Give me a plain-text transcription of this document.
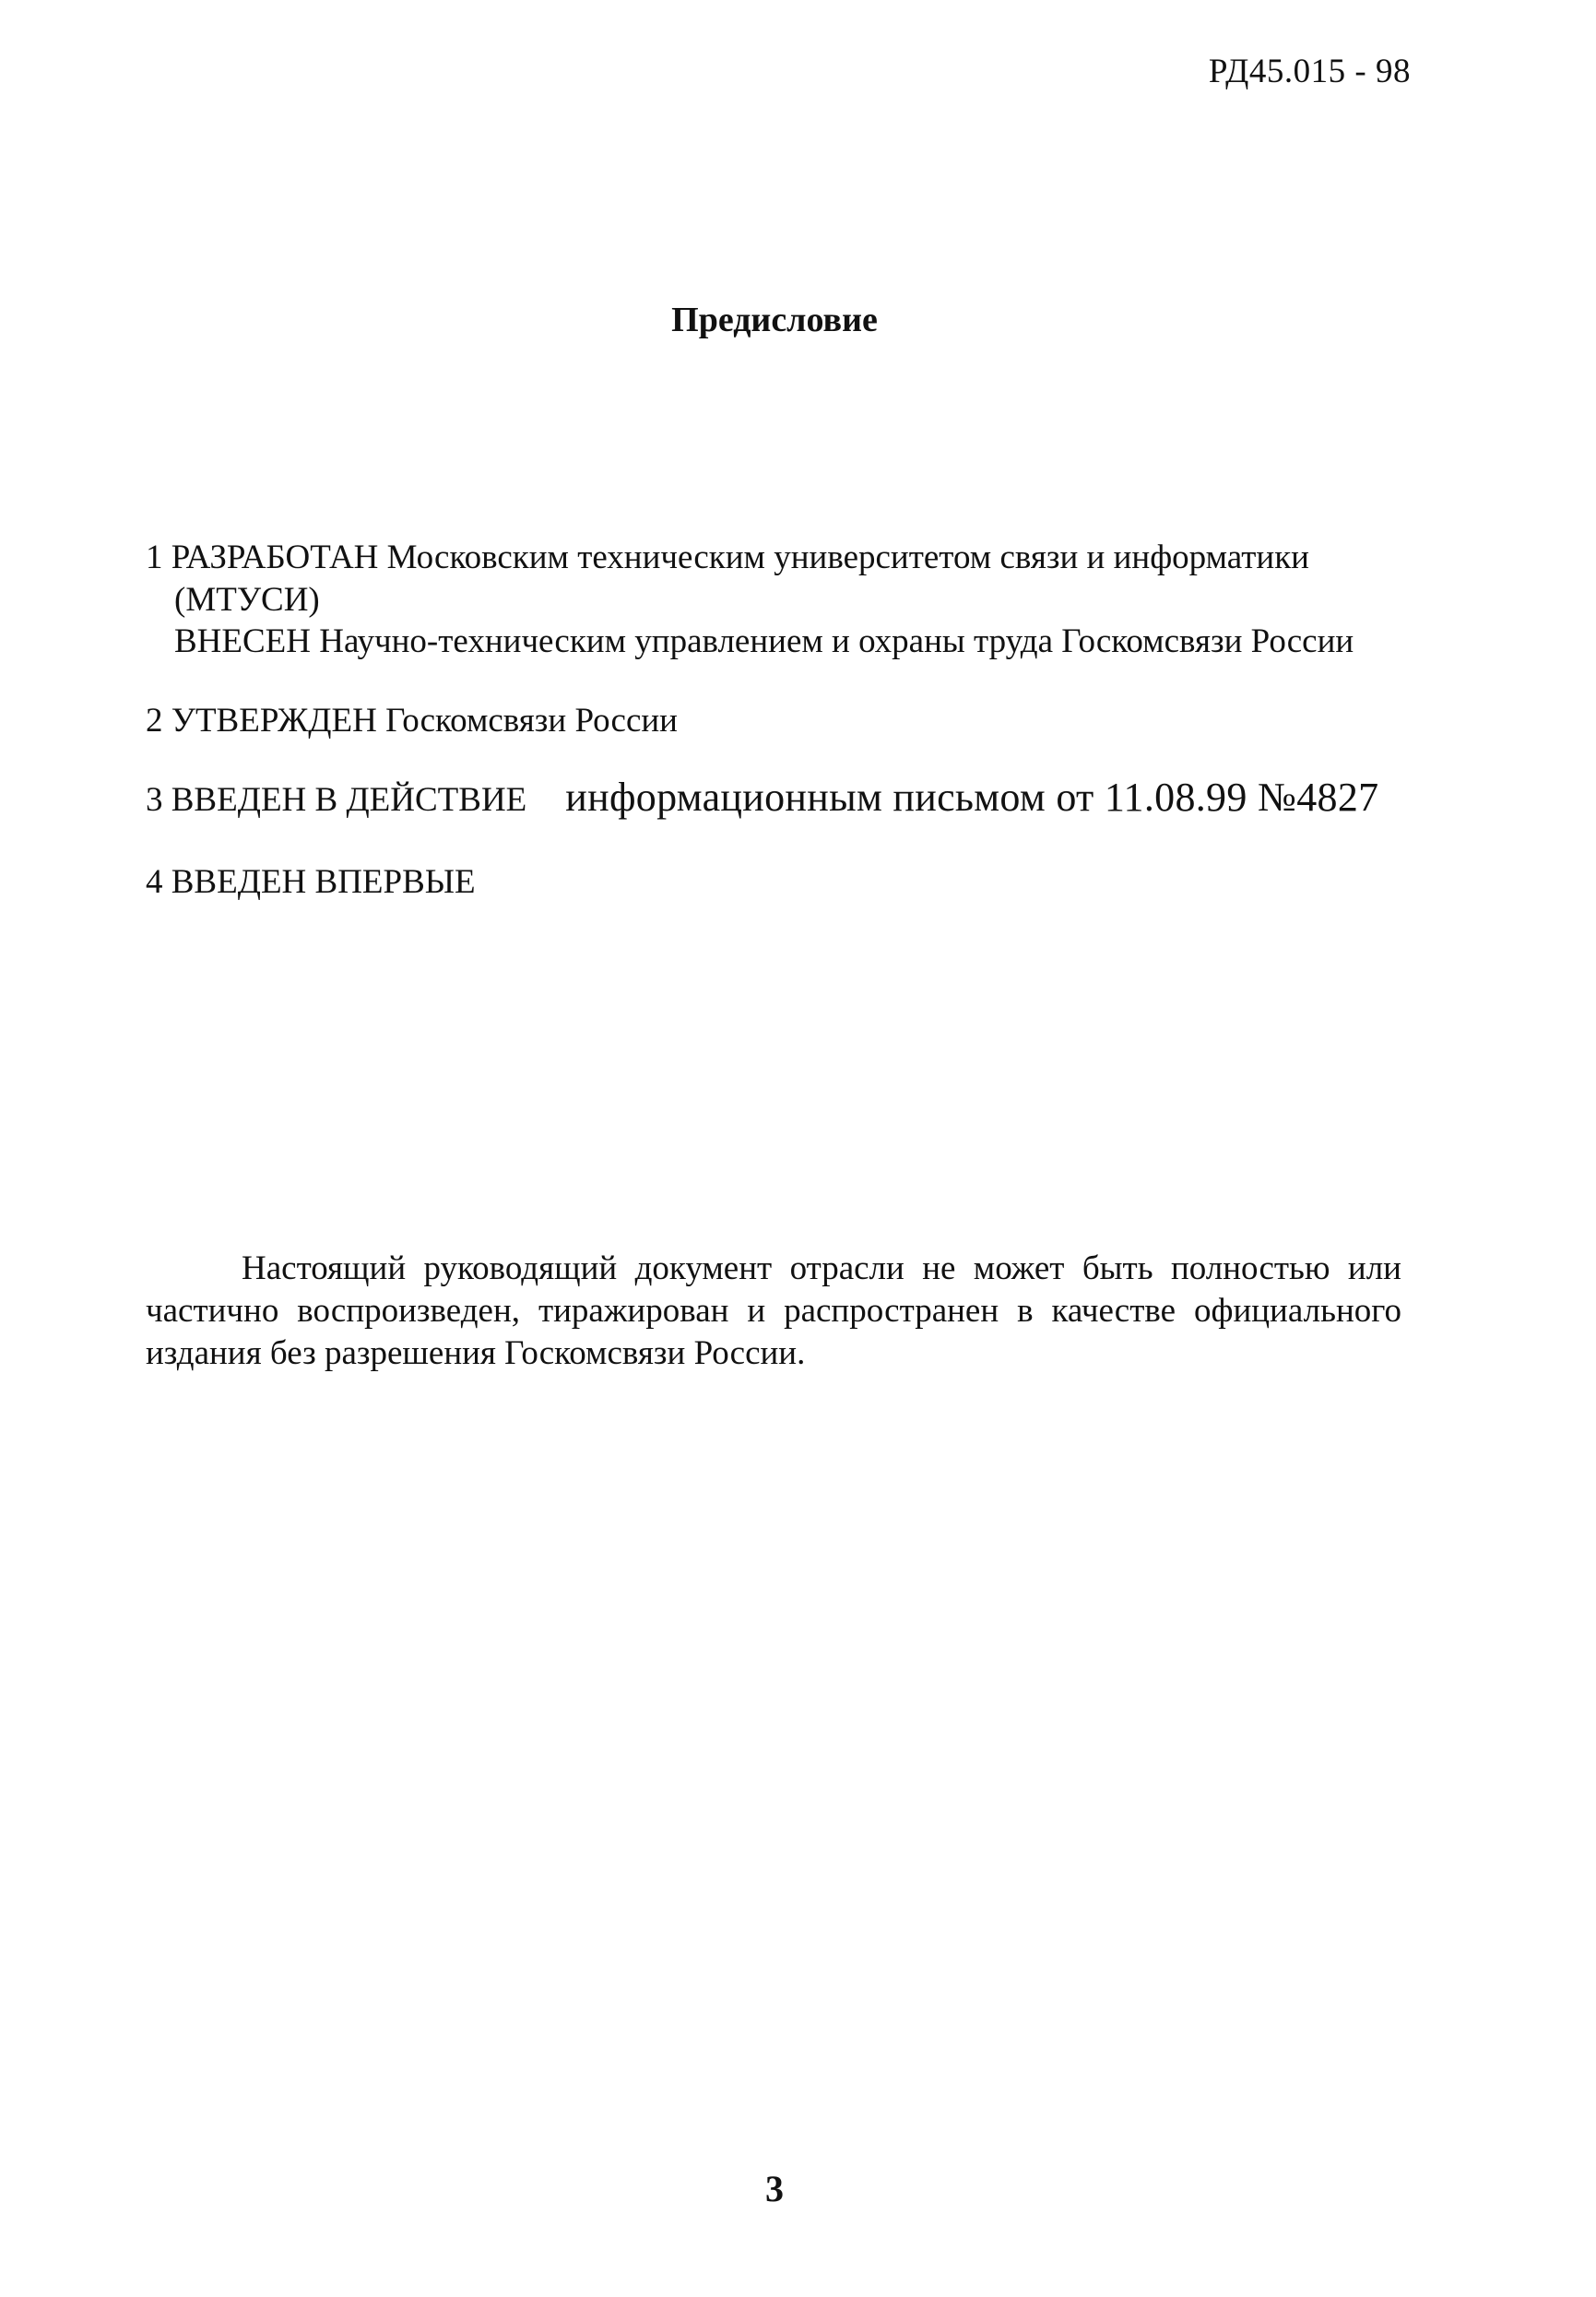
РД45.015 - 98
Предисловие
1 РАЗРАБОТАН Московским техническим университетом связи и информатики
(МТУСИ)
ВНЕСЕН Научно-техническим управлением и охраны труда Госкомсвязи России
2 УТВЕРЖДЕН Госкомсвязи России
3 ВВЕДЕН В ДЕЙСТВИЕ информационным письмом от 11.08.99 №4827
4 ВВЕДЕН ВПЕРВЫЕ
Настоящий руководящий документ отрасли не может быть полностью или
частично воспроизведен, тиражирован и распространен в качестве официального
издания без разрешения Госкомсвязи России.
3
